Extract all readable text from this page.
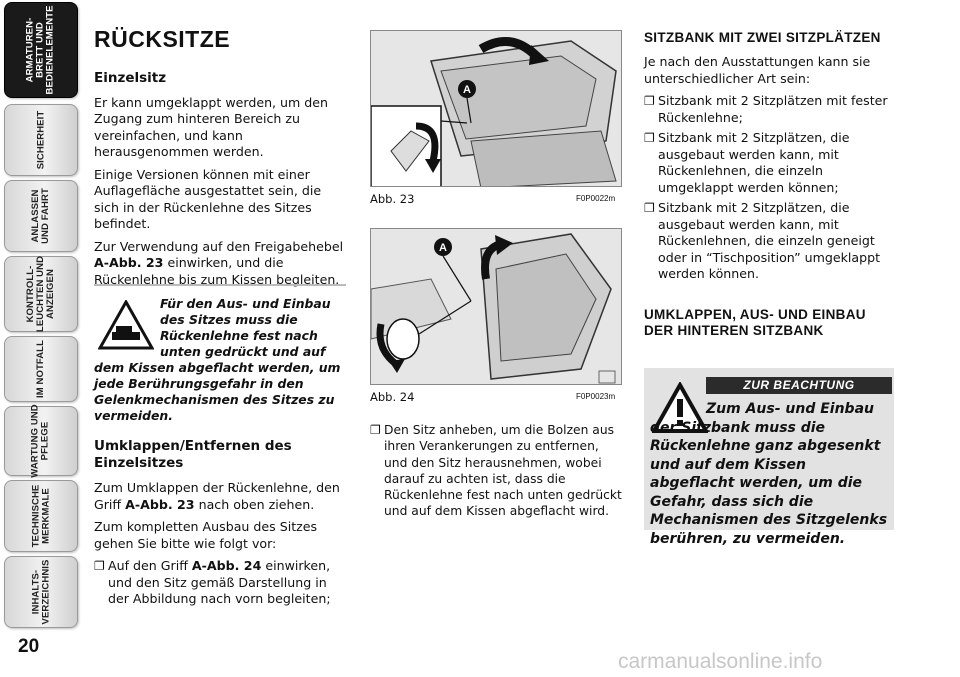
ARMATUREN-
BRETT UND
BEDIENELEMENTE
SICHERHEIT
ANLASSEN
UND FAHRT
KONTROLL-
LEUCHTEN UND
ANZEIGEN
IM NOTFALL
WARTUNG UND
PFLEGE
TECHNISCHE
MERKMALE
INHALTS-
VERZEICHNIS
20
RÜCKSITZE
Einzelsitz

Er kann umgeklappt werden, um den Zugang zum hinteren Bereich zu vereinfachen, und kann herausgenommen werden.

Einige Versionen können mit einer Auflagefläche ausgestattet sein, die sich in der Rückenlehne des Sitzes befindet.

Zur Verwendung auf den Freigabehebel A-Abb. 23 einwirken, und die Rückenlehne bis zum Kissen begleiten.

Für den Aus- und Einbau des Sitzes muss die Rückenlehne fest nach unten gedrückt und auf dem Kissen abgeflacht werden, um jede Berührungsgefahr in den Gelenkmechanismen des Sitzes zu vermeiden.

Umklappen/Entfernen des Einzelsitzes

Zum Umklappen der Rückenlehne, den Griff A-Abb. 23 nach oben ziehen.

Zum kompletten Ausbau des Sitzes gehen Sie bitte wie folgt vor:

❐ Auf den Griff A-Abb. 24 einwirken, und den Sitz gemäß Darstellung in der Abbildung nach vorn begleiten;
A
Abb. 23	F0P0022m
A
Abb. 24	F0P0023m
❐ Den Sitz anheben, um die Bolzen aus ihren Verankerungen zu entfernen, und den Sitz herausnehmen, wobei darauf zu achten ist, dass die Rückenlehne fest nach unten gedrückt und auf dem Kissen abgeflacht wird.
SITZBANK MIT ZWEI SITZPLÄTZEN

Je nach den Ausstattungen kann sie unterschiedlicher Art sein:

❐ Sitzbank mit 2 Sitzplätzen mit fester Rückenlehne;
❐ Sitzbank mit 2 Sitzplätzen, die ausgebaut werden kann, mit Rückenlehnen, die einzeln umgeklappt werden können;
❐ Sitzbank mit 2 Sitzplätzen, die ausgebaut werden kann, mit Rückenlehnen, die einzeln geneigt oder in “Tischposition” umgeklappt werden können.
UMKLAPPEN, AUS- UND EINBAU DER HINTEREN SITZBANK
ZUR BEACHTUNG

Zum Aus- und Einbau der Sitzbank muss die Rückenlehne ganz abgesenkt und auf dem Kissen abgeflacht werden, um die Gefahr, dass sich die Mechanismen des Sitzgelenks berühren, zu vermeiden.

carmanualsonline.info
